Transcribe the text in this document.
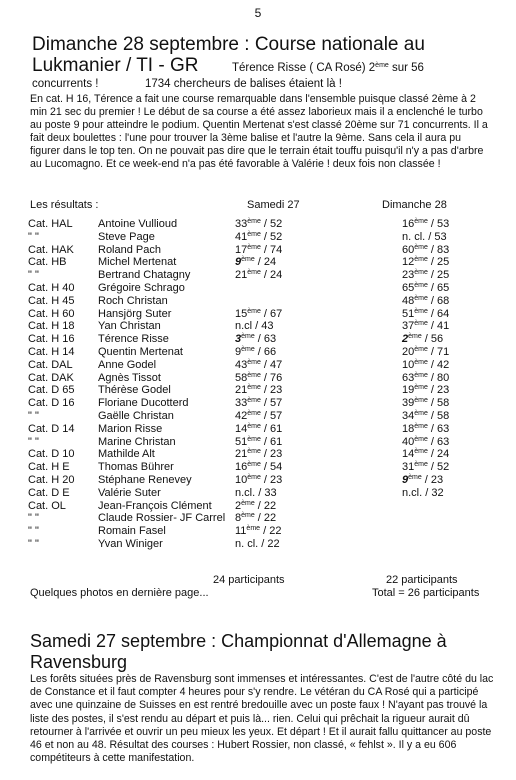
5
Dimanche 28 septembre : Course nationale au
Lukmanier / TI - GR	Térence Risse ( CA Rosé) 2ème sur 56
concurrents !	1734 chercheurs de balises étaient là !

En cat. H 16, Térence a fait une course remarquable dans l'ensemble puisque classé 2ème à 2 min 21 sec du premier ! Le début de sa course a été assez laborieux mais il a enclenché le turbo au poste 9 pour atteindre le podium. Quentin Mertenat s'est classé 20ème sur 71 concurrents. Il a fait deux boulettes : l'une pour trouver la 3ème balise et l'autre la 9ème. Sans cela il aura pu figurer dans le top ten. On ne pouvait pas dire que le terrain était touffu puisqu'il n'y a pas d'arbre au Lucomagno. Et ce week-end n'a pas été favorable à Valérie ! deux fois non classée !

Les résultats :	Samedi 27	Dimanche 28
Cat. HAL	Antoine Vullioud	33ème / 52	16ème / 53
" "	Steve Page	41ème / 52	n. cl. / 53
Cat. HAK	Roland Pach	17ème / 74	60ème / 83
Cat. HB	Michel Mertenat	9ème / 24	12ème / 25
" "	Bertrand Chatagny	21ème / 24	23ème / 25
Cat. H 40	Grégoire Schrago		65ème / 65
Cat. H 45	Roch Christan		48ème / 68
Cat. H 60	Hansjörg Suter	15ème / 67	51ème / 64
Cat. H 18	Yan Christan	n.cl / 43	37ème / 41
Cat. H 16	Térence Risse	3ème / 63	2ème / 56
Cat. H 14	Quentin Mertenat	9ème / 66	20ème / 71
Cat. DAL	Anne Godel	43ème / 47	10ème / 42
Cat. DAK	Agnès Tissot	58ème / 76	63ème / 80
Cat. D 65	Thérèse Godel	21ème / 23	19ème / 23
Cat. D 16	Floriane Ducotterd	33ème / 57	39ème / 58
" "	Gaëlle Christan	42ème / 57	34ème / 58
Cat. D 14	Marion Risse	14ème / 61	18ème / 63
" "	Marine Christan	51ème / 61	40ème / 63
Cat. D 10	Mathilde Alt	21ème / 23	14ème / 24
Cat. H E	Thomas Bührer	16ème / 54	31ème / 52
Cat. H 20	Stéphane Renevey	10ème / 23	9ème / 23
Cat. D E	Valérie Suter	n.cl. / 33	n.cl. / 32
Cat. OL	Jean-François Clément	2ème / 22	
" "	Claude Rossier- JF Carrel	8ème / 22	
" "	Romain Fasel	11ème / 22	
" "	Yvan Winiger	n. cl. / 22	
24 participants	22 participants
Quelques photos en dernière page...	Total = 26 participants
Samedi 27 septembre : Championnat d'Allemagne à
Ravensburg

Les forêts situées près de Ravensburg sont immenses et intéressantes. C'est de l'autre côté du lac de Constance et il faut compter 4 heures pour s'y rendre. Le vétéran du CA Rosé qui a participé avec une quinzaine de Suisses en est rentré bredouille avec un poste faux ! N'ayant pas trouvé la liste des postes, il s'est rendu au départ et puis là... rien. Celui qui prêchait la rigueur aurait dû retourner à l'arrivée et ouvrir un peu mieux les yeux. Et départ ! Et il aurait fallu quittancer au poste 46 et non au 48. Résultat des courses : Hubert Rossier, non classé, « fehlst ». Il y a eu 606 compétiteurs à cette manifestation.
